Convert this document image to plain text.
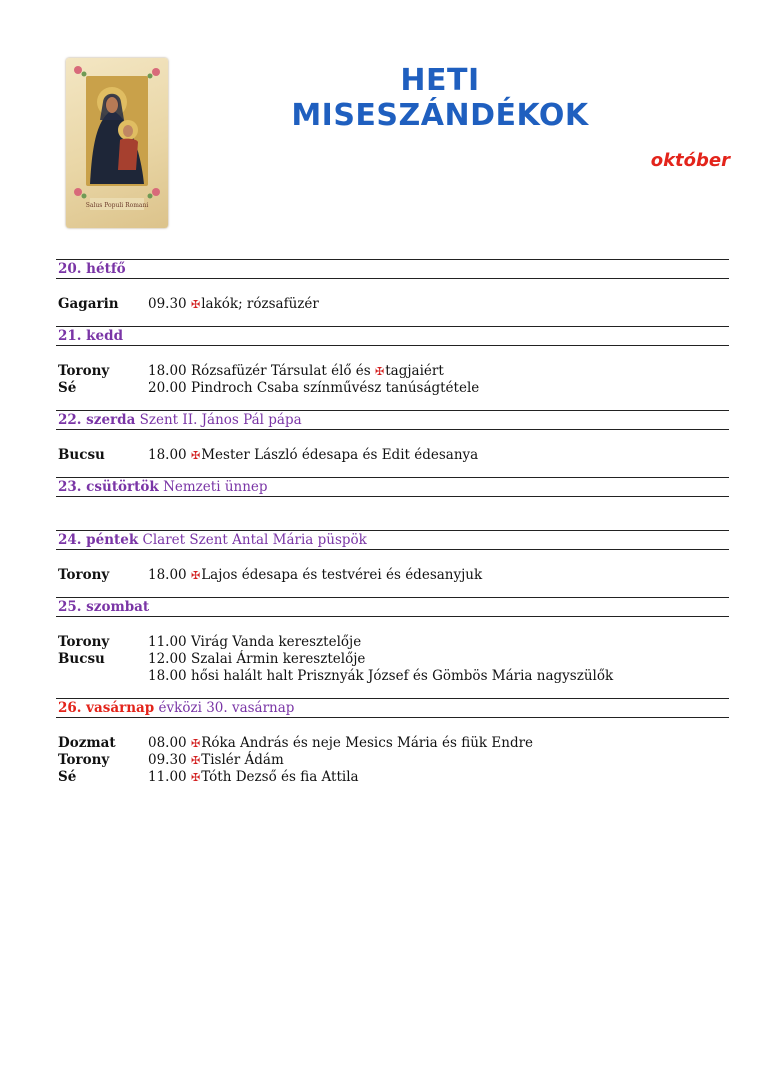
Salus Populi Romani
HETI MISESZÁNDÉKOK
október
20. hétfő
Gagarin	09.30 ✠lakók; rózsafüzér
21. kedd
Torony	18.00 Rózsafüzér Társulat élő és ✠tagjaiért
Sé	20.00 Pindroch Csaba színművész tanúságtétele
22. szerda Szent II. János Pál pápa
Bucsu	18.00 ✠Mester László édesapa és Edit édesanya
23. csütörtök Nemzeti ünnep
24. péntek Claret Szent Antal Mária püspök
Torony	18.00 ✠Lajos édesapa és testvérei és édesanyjuk
25. szombat
Torony	11.00 Virág Vanda keresztelője
Bucsu	12.00 Szalai Ármin keresztelője
18.00 hősi halált halt Prisznyák József és Gömbös Mária nagyszülők
26. vasárnap évközi 30. vasárnap
Dozmat	08.00 ✠Róka András és neje Mesics Mária és fiük Endre
Torony	09.30 ✠Tislér Ádám
Sé	11.00 ✠Tóth Dezső és fia Attila
